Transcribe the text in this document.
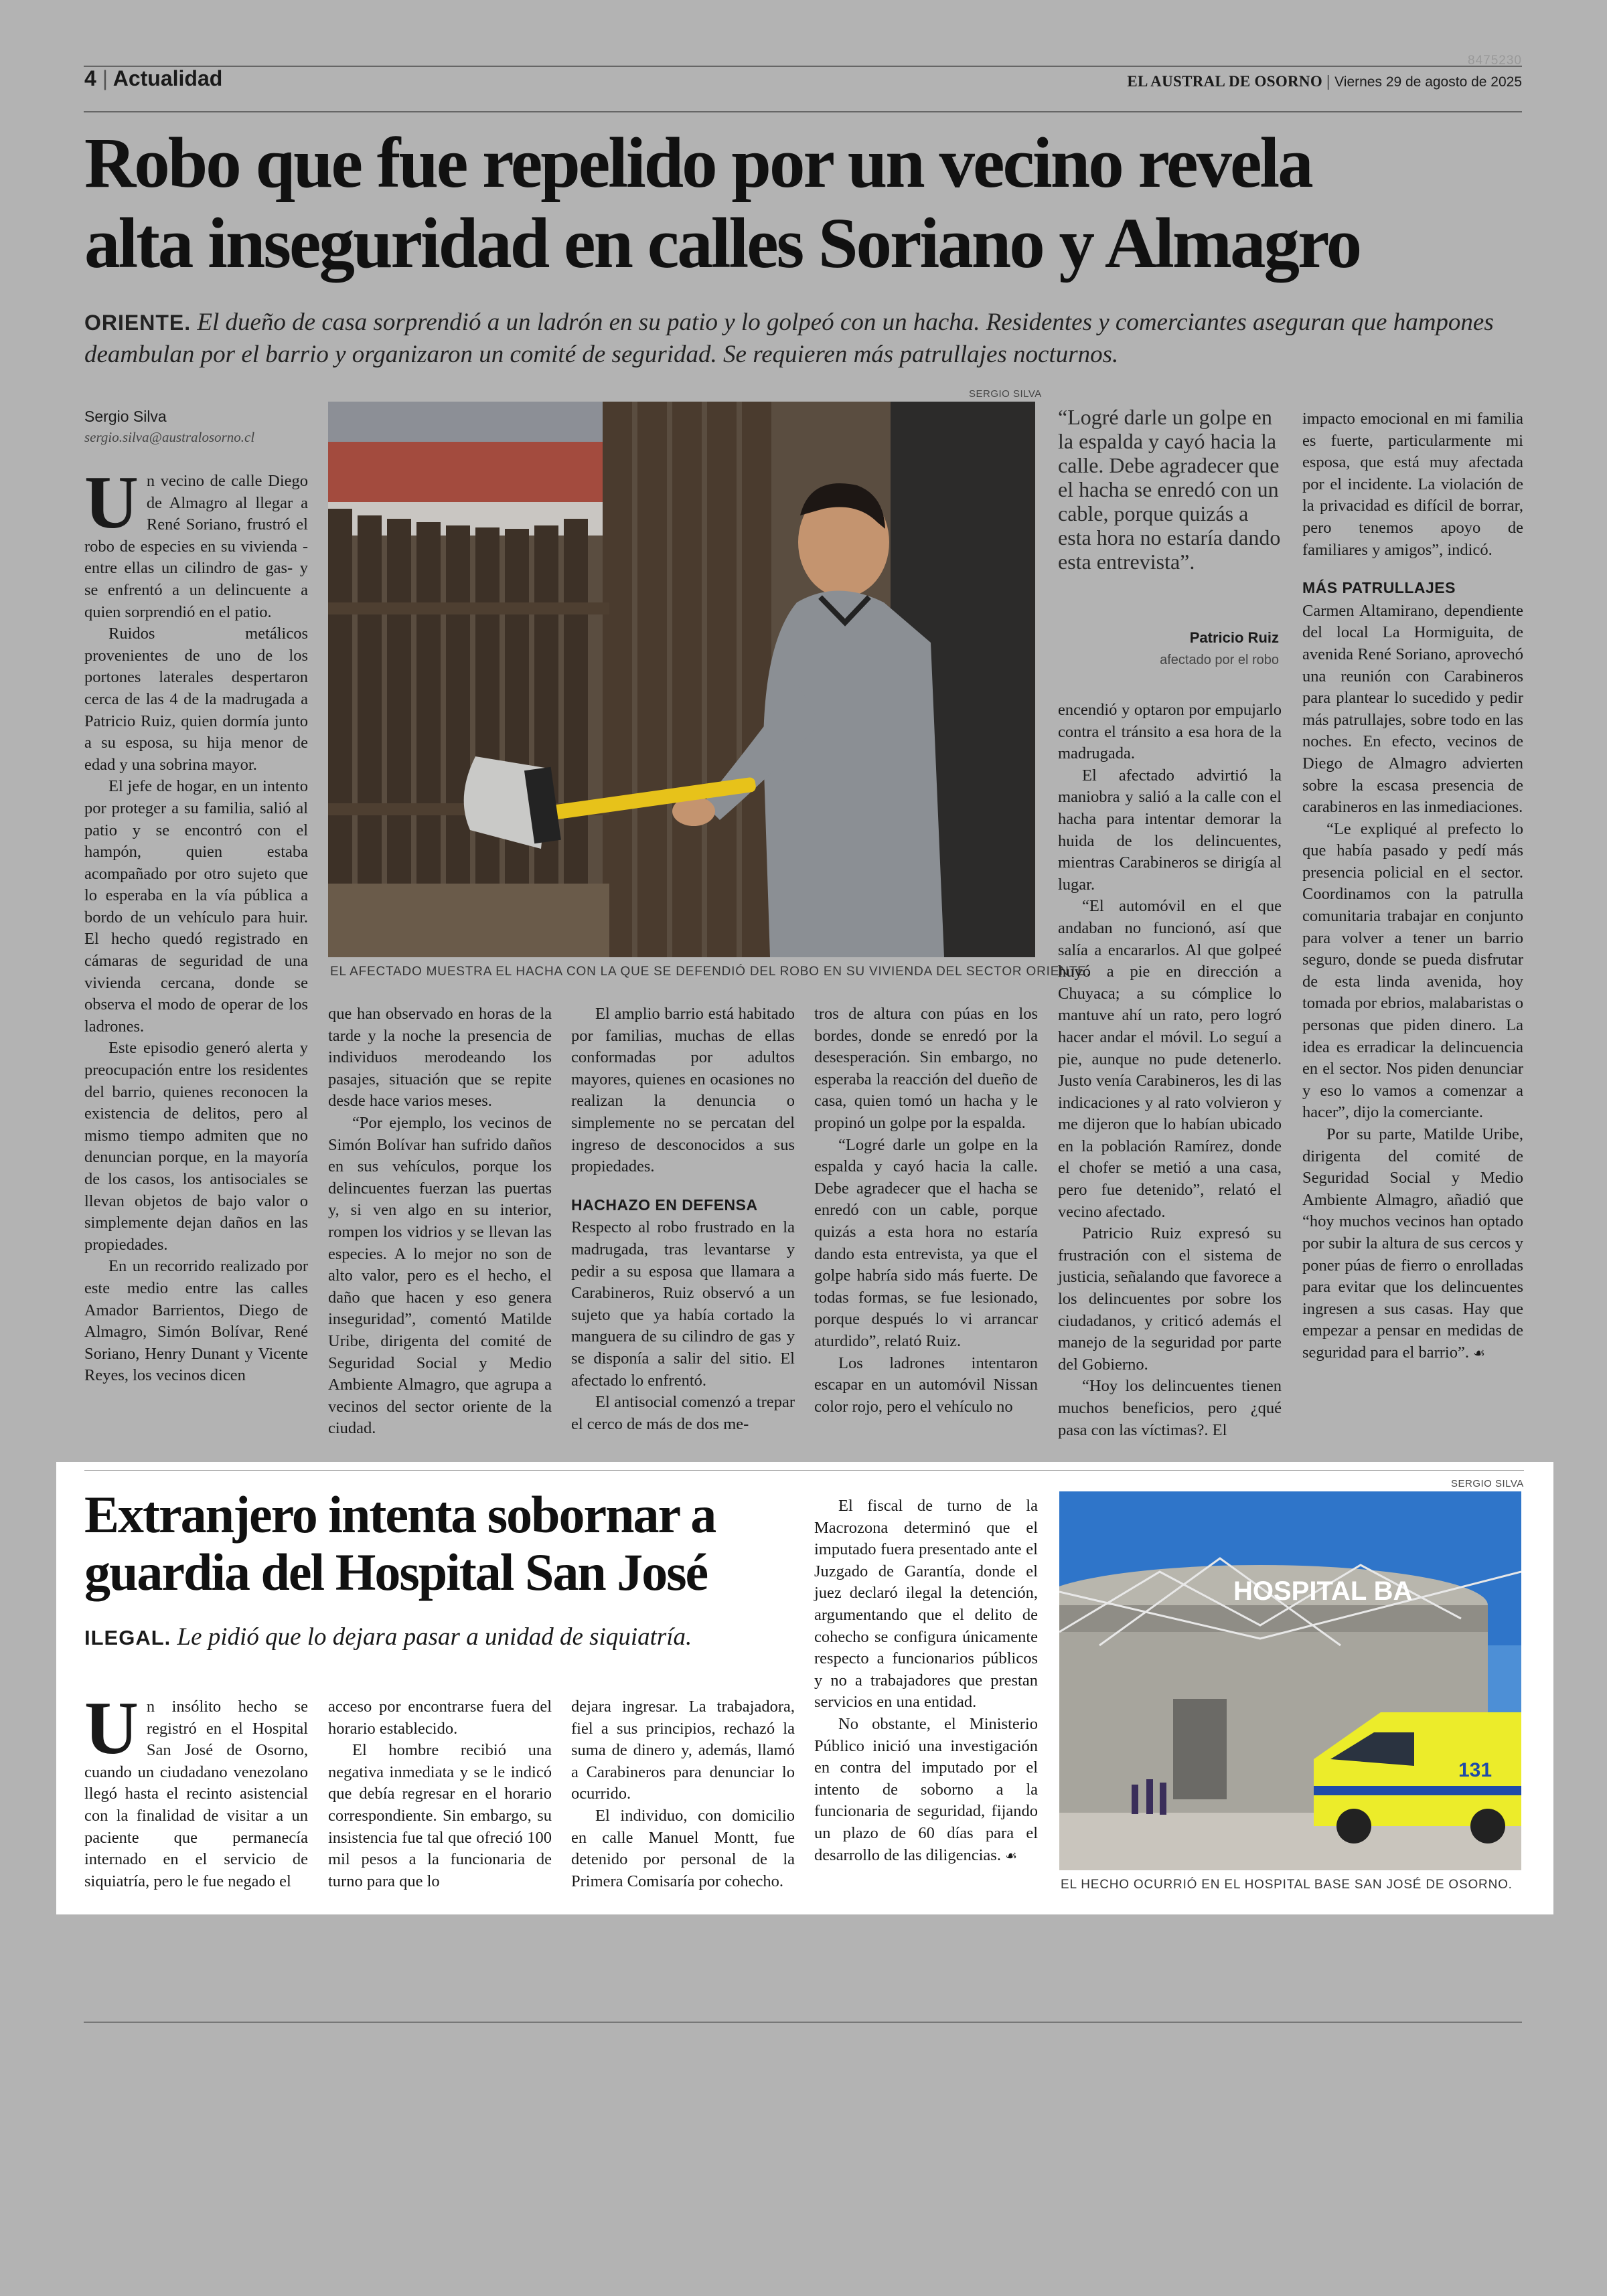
4 | Actualidad
8475230
EL AUSTRAL DE OSORNO | Viernes 29 de agosto de 2025
Robo que fue repelido por un vecino revela
alta inseguridad en calles Soriano y Almagro
ORIENTE. El dueño de casa sorprendió a un ladrón en su patio y lo golpeó con un hacha. Residentes y comerciantes aseguran que hampones deambulan por el barrio y organizaron un comité de seguridad. Se requieren más patrullajes nocturnos.
Sergio Silva
sergio.silva@australosorno.cl
SERGIO SILVA
EL AFECTADO MUESTRA EL HACHA CON LA QUE SE DEFENDIÓ DEL ROBO EN SU VIVIENDA DEL SECTOR ORIENTE.

Un vecino de calle Diego de Almagro al llegar a René Soriano, frustró el robo de especies en su vivienda -entre ellas un cilindro de gas- y se enfrentó a un delincuente a quien sorprendió en el patio.

Ruidos metálicos provenientes de uno de los portones laterales despertaron cerca de las 4 de la madrugada a Patricio Ruiz, quien dormía junto a su esposa, su hija menor de edad y una sobrina mayor.

El jefe de hogar, en un intento por proteger a su familia, salió al patio y se encontró con el hampón, quien estaba acompañado por otro sujeto que lo esperaba en la vía pública a bordo de un vehículo para huir. El hecho quedó registrado en cámaras de seguridad de una vivienda cercana, donde se observa el modo de operar de los ladrones.

Este episodio generó alerta y preocupación entre los residentes del barrio, quienes reconocen la existencia de delitos, pero al mismo tiempo admiten que no denuncian porque, en la mayoría de los casos, los antisociales se llevan objetos de bajo valor o simplemente dejan daños en las propiedades.

En un recorrido realizado por este medio entre las calles Amador Barrientos, Diego de Almagro, Simón Bolívar, René Soriano, Henry Dunant y Vicente Reyes, los vecinos dicen

que han observado en horas de la tarde y la noche la presencia de individuos merodeando los pasajes, situación que se repite desde hace varios meses.

“Por ejemplo, los vecinos de Simón Bolívar han sufrido daños en sus vehículos, porque los delincuentes fuerzan las puertas y, si ven algo en su interior, rompen los vidrios y se llevan las especies. A lo mejor no son de alto valor, pero es el hecho, el daño que hacen y eso genera inseguridad”, comentó Matilde Uribe, dirigenta del comité de Seguridad Social y Medio Ambiente Almagro, que agrupa a vecinos del sector oriente de la ciudad.

El amplio barrio está habitado por familias, muchas de ellas conformadas por adultos mayores, quienes en ocasiones no realizan la denuncia o simplemente no se percatan del ingreso de desconocidos a sus propiedades.

HACHAZO EN DEFENSA

Respecto al robo frustrado en la madrugada, tras levantarse y pedir a su esposa que llamara a Carabineros, Ruiz observó a un sujeto que ya había cortado la manguera de su cilindro de gas y se disponía a salir del sitio. El afectado lo enfrentó.

El antisocial comenzó a trepar el cerco de más de dos me-

tros de altura con púas en los bordes, donde se enredó por la desesperación. Sin embargo, no esperaba la reacción del dueño de casa, quien tomó un hacha y le propinó un golpe por la espalda.

“Logré darle un golpe en la espalda y cayó hacia la calle. Debe agradecer que el hacha se enredó con un cable, porque quizás a esta hora no estaría dando esta entrevista, ya que el golpe habría sido más fuerte. De todas formas, se fue lesionado, porque después lo vi arrancar aturdido”, relató Ruiz.

Los ladrones intentaron escapar en un automóvil Nissan color rojo, pero el vehículo no

“Logré darle un golpe en la espalda y cayó hacia la calle. Debe agradecer que el hacha se enredó con un cable, porque quizás a esta hora no estaría dando esta entrevista”.
Patricio Ruiz
afectado por el robo

encendió y optaron por empujarlo contra el tránsito a esa hora de la madrugada.

El afectado advirtió la maniobra y salió a la calle con el hacha para intentar demorar la huida de los delincuentes, mientras Carabineros se dirigía al lugar.

“El automóvil en el que andaban no funcionó, así que salía a encararlos. Al que golpeé huyó a pie en dirección a Chuyaca; a su cómplice lo mantuve ahí un rato, pero logró hacer andar el móvil. Lo seguí a pie, aunque no pude detenerlo. Justo venía Carabineros, les di las indicaciones y al rato volvieron y me dijeron que lo habían ubicado en la población Ramírez, donde el chofer se metió a una casa, pero fue detenido”, relató el vecino afectado.

Patricio Ruiz expresó su frustración con el sistema de justicia, señalando que favorece a los delincuentes por sobre los ciudadanos, y criticó además el manejo de la seguridad por parte del Gobierno.

“Hoy los delincuentes tienen muchos beneficios, pero ¿qué pasa con las víctimas?. El

impacto emocional en mi familia es fuerte, particularmente mi esposa, que está muy afectada por el incidente. La violación de la privacidad es difícil de borrar, pero tenemos apoyo de familiares y amigos”, indicó.

MÁS PATRULLAJES

Carmen Altamirano, dependiente del local La Hormiguita, de avenida René Soriano, aprovechó una reunión con Carabineros para plantear lo sucedido y pedir más patrullajes, sobre todo en las noches. En efecto, vecinos de Diego de Almagro advierten sobre la escasa presencia de carabineros en las inmediaciones.

“Le expliqué al prefecto lo que había pasado y pedí más presencia policial en el sector. Coordinamos con la patrulla comunitaria trabajar en conjunto para volver a tener un barrio seguro, donde se pueda disfrutar de esta linda avenida, hoy tomada por ebrios, malabaristas o personas que piden dinero. La idea es erradicar la delincuencia en el sector. Nos piden denunciar y eso lo vamos a comenzar a hacer”, dijo la comerciante.

Por su parte, Matilde Uribe, dirigenta del comité de Seguridad Social y Medio Ambiente Almagro, añadió que “hoy muchos vecinos han optado por subir la altura de sus cercos y poner púas de fierro o enrolladas para evitar que los delincuentes ingresen a sus casas. Hay que empezar a pensar en medidas de seguridad para el barrio”. ☙

Extranjero intenta sobornar a
guardia del Hospital San José
ILEGAL. Le pidió que lo dejara pasar a unidad de siquiatría.

Un insólito hecho se registró en el Hospital San José de Osorno, cuando un ciudadano venezolano llegó hasta el recinto asistencial con la finalidad de visitar a un paciente que permanecía internado en el servicio de siquiatría, pero le fue negado el

acceso por encontrarse fuera del horario establecido.

El hombre recibió una negativa inmediata y se le indicó que debía regresar en el horario correspondiente. Sin embargo, su insistencia fue tal que ofreció 100 mil pesos a la funcionaria de turno para que lo

dejara ingresar. La trabajadora, fiel a sus principios, rechazó la suma de dinero y, además, llamó a Carabineros para denunciar lo ocurrido.

El individuo, con domicilio en calle Manuel Montt, fue detenido por personal de la Primera Comisaría por cohecho.

El fiscal de turno de la Macrozona determinó que el imputado fuera presentado ante el Juzgado de Garantía, donde el juez declaró ilegal la detención, argumentando que el delito de cohecho se configura únicamente respecto a funcionarios públicos y no a trabajadores que prestan servicios en una entidad.

No obstante, el Ministerio Público inició una investigación en contra del imputado por el intento de soborno a la funcionaria de seguridad, fijando un plazo de 60 días para el desarrollo de las diligencias. ☙

SERGIO SILVA
HOSPITAL BA
131
EL HECHO OCURRIÓ EN EL HOSPITAL BASE SAN JOSÉ DE OSORNO.
